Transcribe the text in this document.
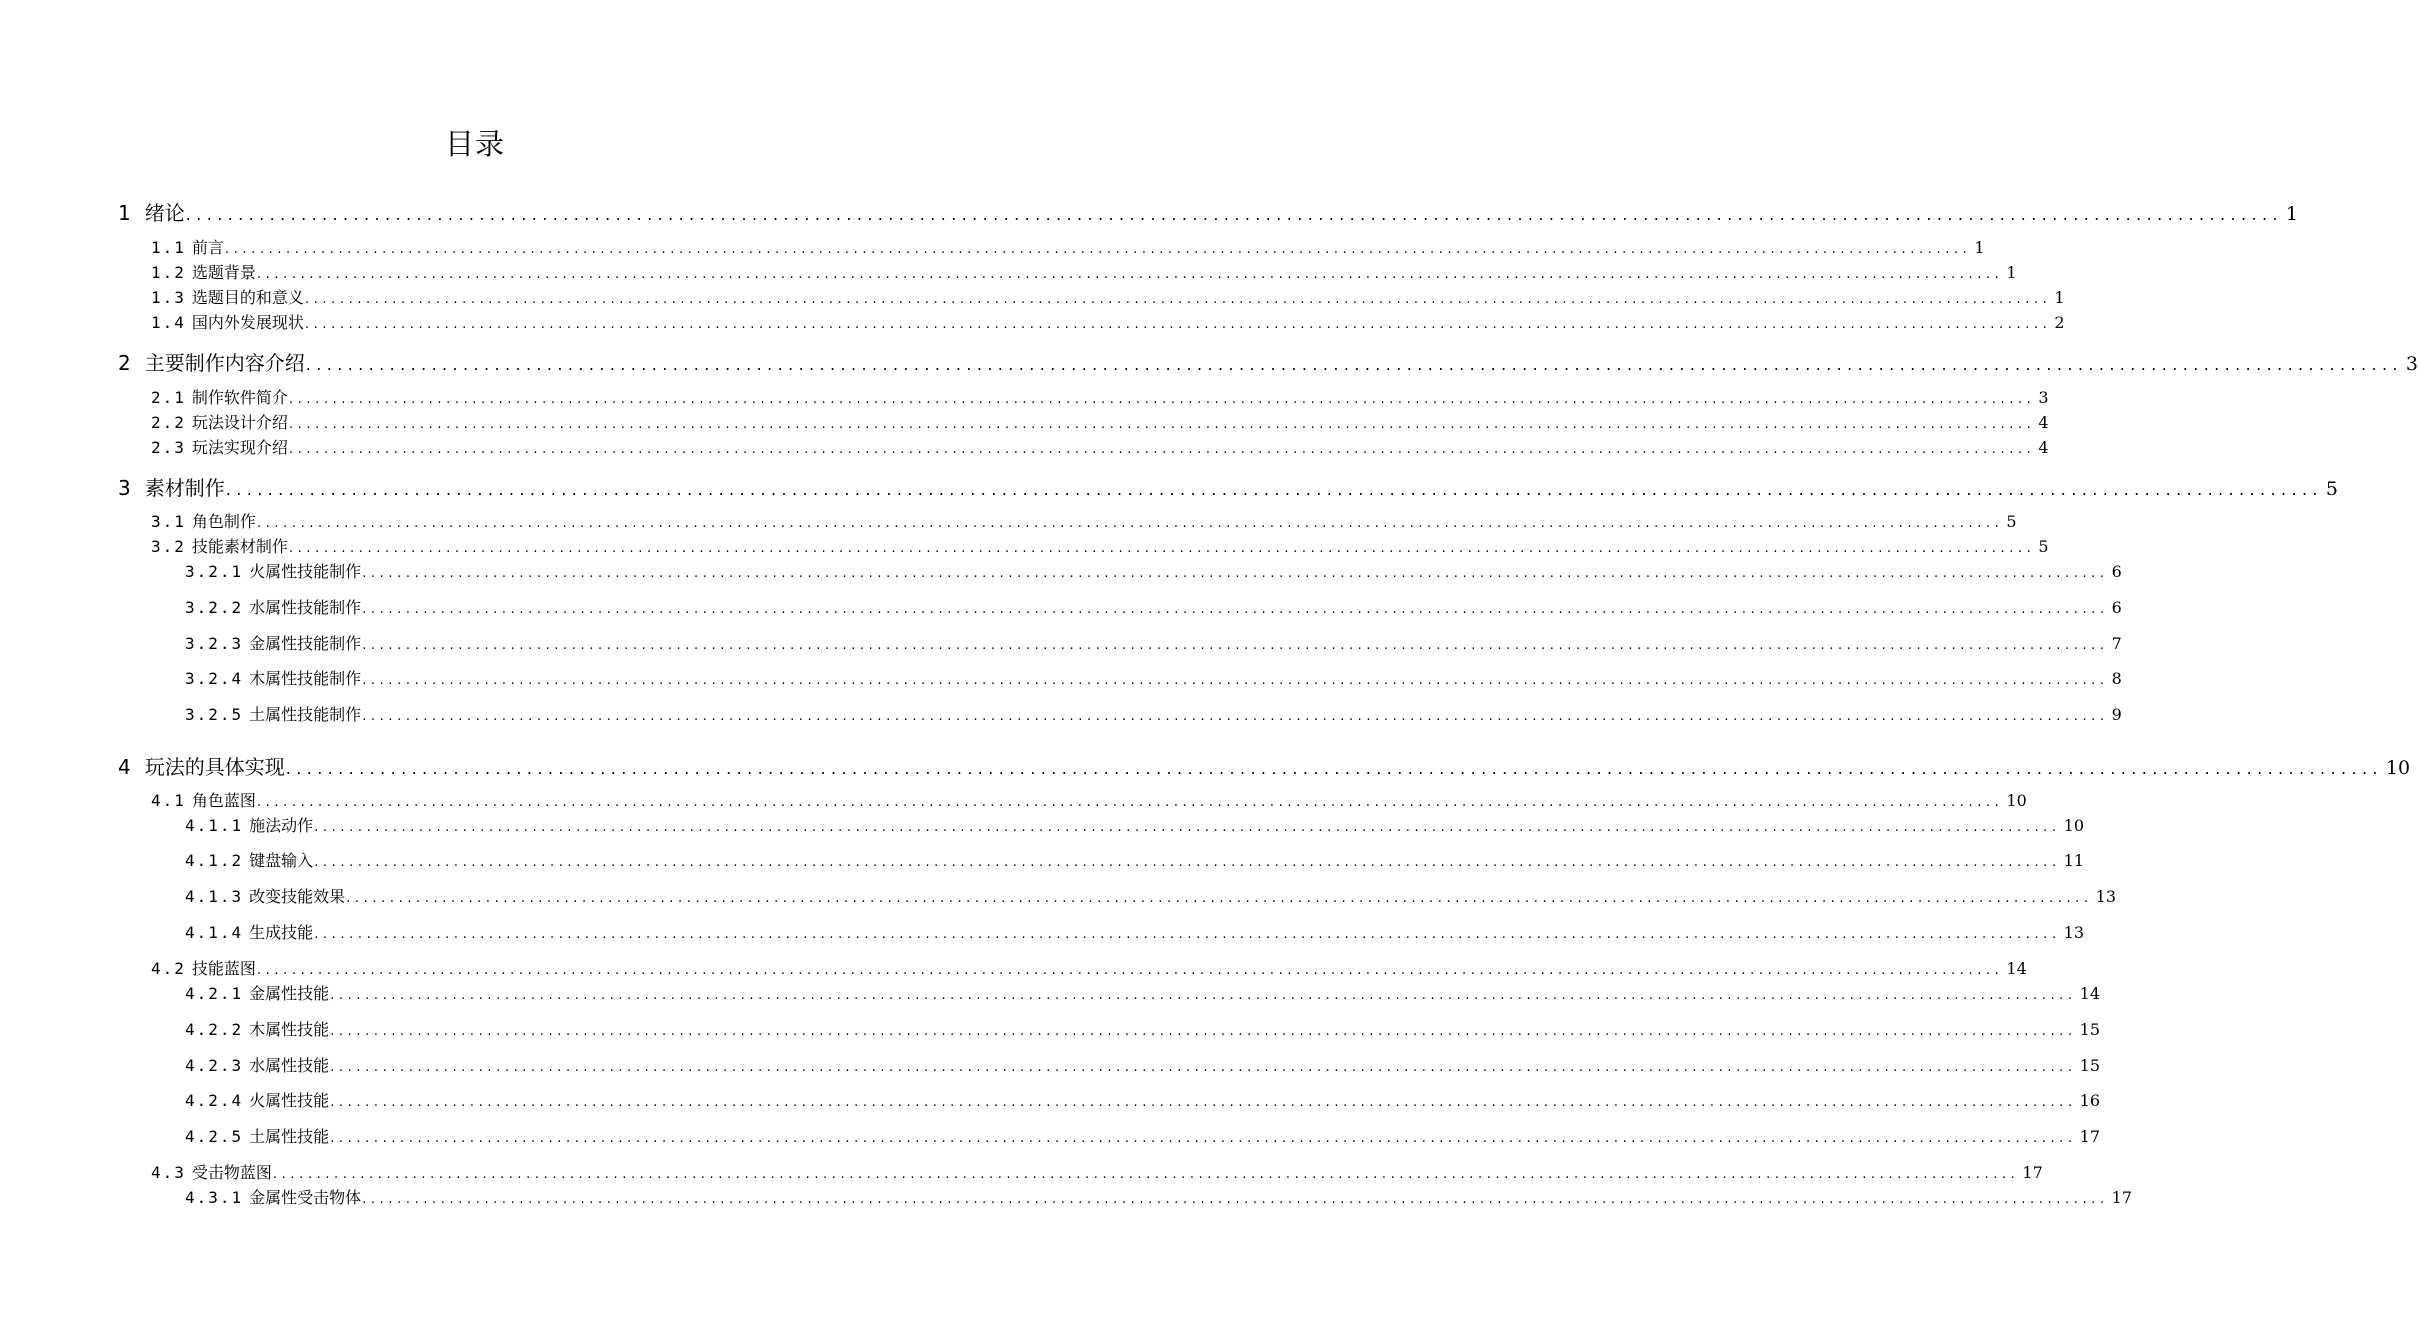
目录
1 绪论 ........................................................................................................................................................................................................ 1
1.1 前言 ........................................................................................................................................................................................................ 1
1.2 选题背景 ........................................................................................................................................................................................................ 1
1.3 选题目的和意义 ........................................................................................................................................................................................................ 1
1.4 国内外发展现状 ........................................................................................................................................................................................................ 2
2 主要制作内容介绍 ........................................................................................................................................................................................................ 3
2.1 制作软件简介 ........................................................................................................................................................................................................ 3
2.2 玩法设计介绍 ........................................................................................................................................................................................................ 4
2.3 玩法实现介绍 ........................................................................................................................................................................................................ 4
3 素材制作 ........................................................................................................................................................................................................ 5
3.1 角色制作 ........................................................................................................................................................................................................ 5
3.2 技能素材制作 ........................................................................................................................................................................................................ 5
3.2.1 火属性技能制作 ........................................................................................................................................................................................................ 6
3.2.2 水属性技能制作 ........................................................................................................................................................................................................ 6
3.2.3 金属性技能制作 ........................................................................................................................................................................................................ 7
3.2.4 木属性技能制作 ........................................................................................................................................................................................................ 8
3.2.5 土属性技能制作 ........................................................................................................................................................................................................ 9
4 玩法的具体实现 ........................................................................................................................................................................................................ 10
4.1 角色蓝图 ........................................................................................................................................................................................................ 10
4.1.1 施法动作 ........................................................................................................................................................................................................ 10
4.1.2 键盘输入 ........................................................................................................................................................................................................ 11
4.1.3 改变技能效果 ........................................................................................................................................................................................................ 13
4.1.4 生成技能 ........................................................................................................................................................................................................ 13
4.2 技能蓝图 ........................................................................................................................................................................................................ 14
4.2.1 金属性技能 ........................................................................................................................................................................................................ 14
4.2.2 木属性技能 ........................................................................................................................................................................................................ 15
4.2.3 水属性技能 ........................................................................................................................................................................................................ 15
4.2.4 火属性技能 ........................................................................................................................................................................................................ 16
4.2.5 土属性技能 ........................................................................................................................................................................................................ 17
4.3 受击物蓝图 ........................................................................................................................................................................................................ 17
4.3.1 金属性受击物体 ........................................................................................................................................................................................................ 17
